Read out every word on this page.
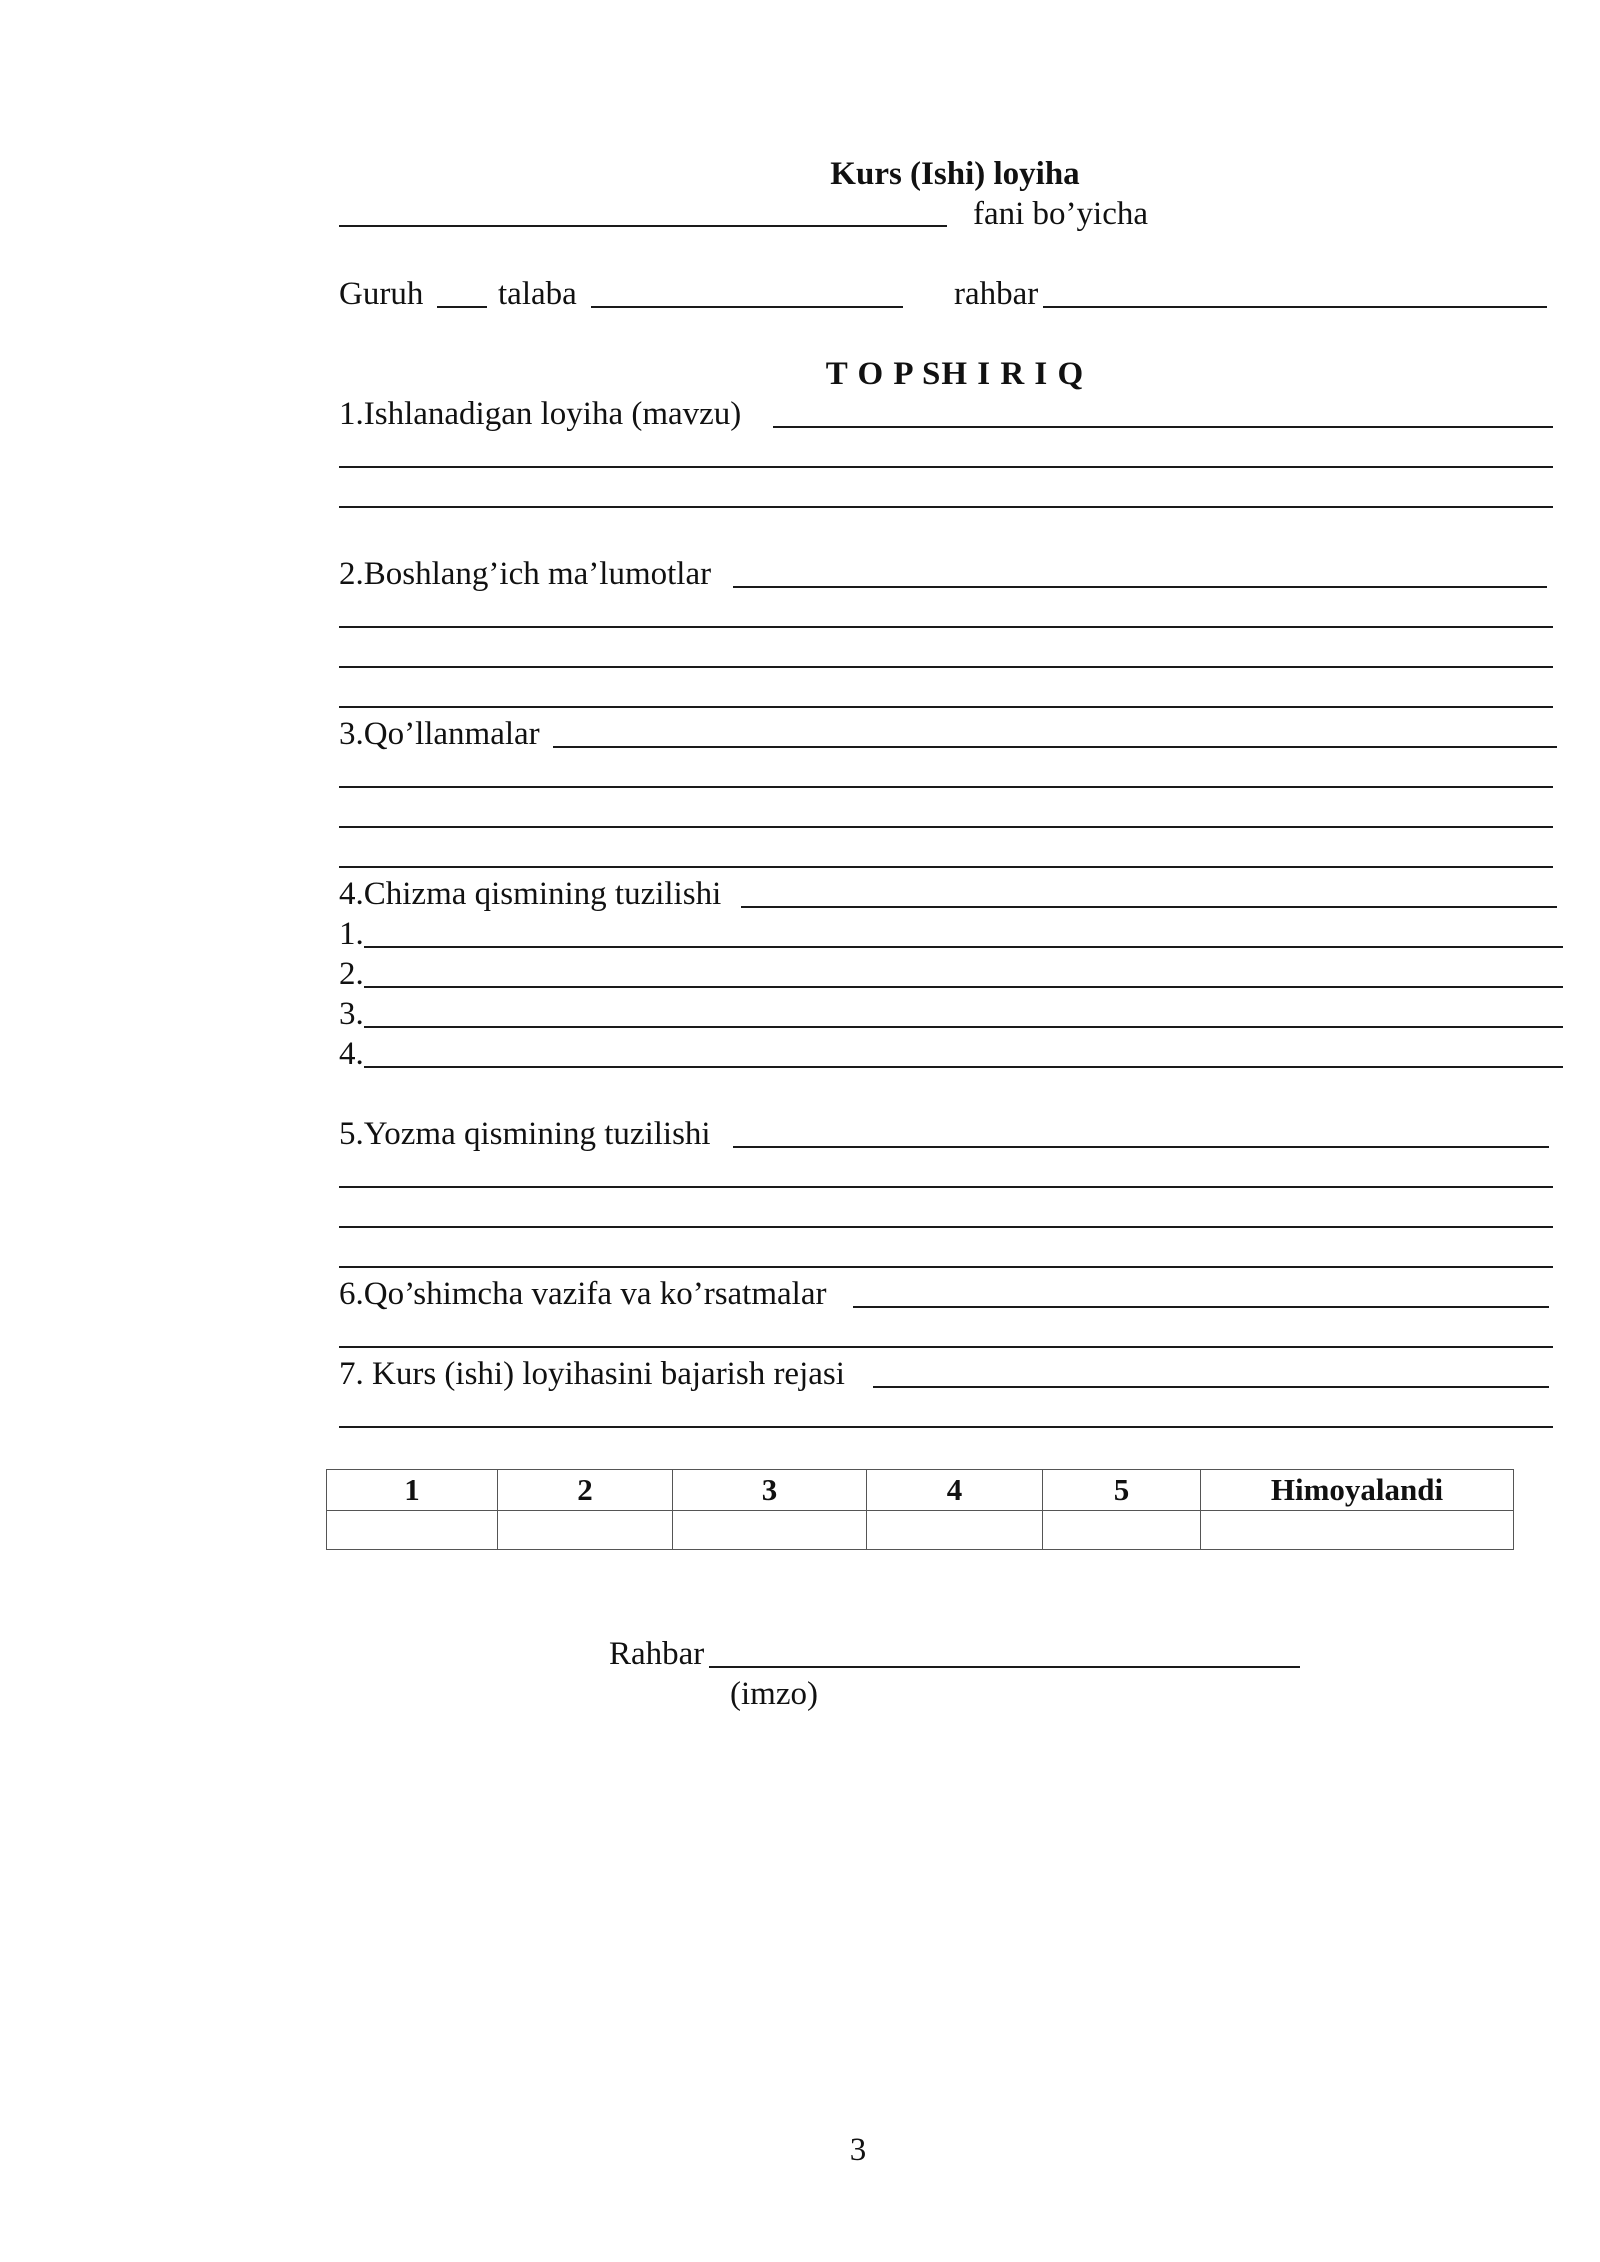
Kurs (Ishi) loyiha
fani bo’yicha
Guruh talaba	rahbar
T O P SH I R I Q
1.Ishlanadigan loyiha (mavzu)
2.Boshlang’ich ma’lumotlar
3.Qo’llanmalar
4.Chizma qismining tuzilishi
1.
2.
3.
4.
5.Yozma qismining tuzilishi
6.Qo’shimcha vazifa va ko’rsatmalar
7. Kurs (ishi) loyihasini bajarish rejasi
1	2	3	4	5	Himoyalandi

Rahbar
(imzo)
3
